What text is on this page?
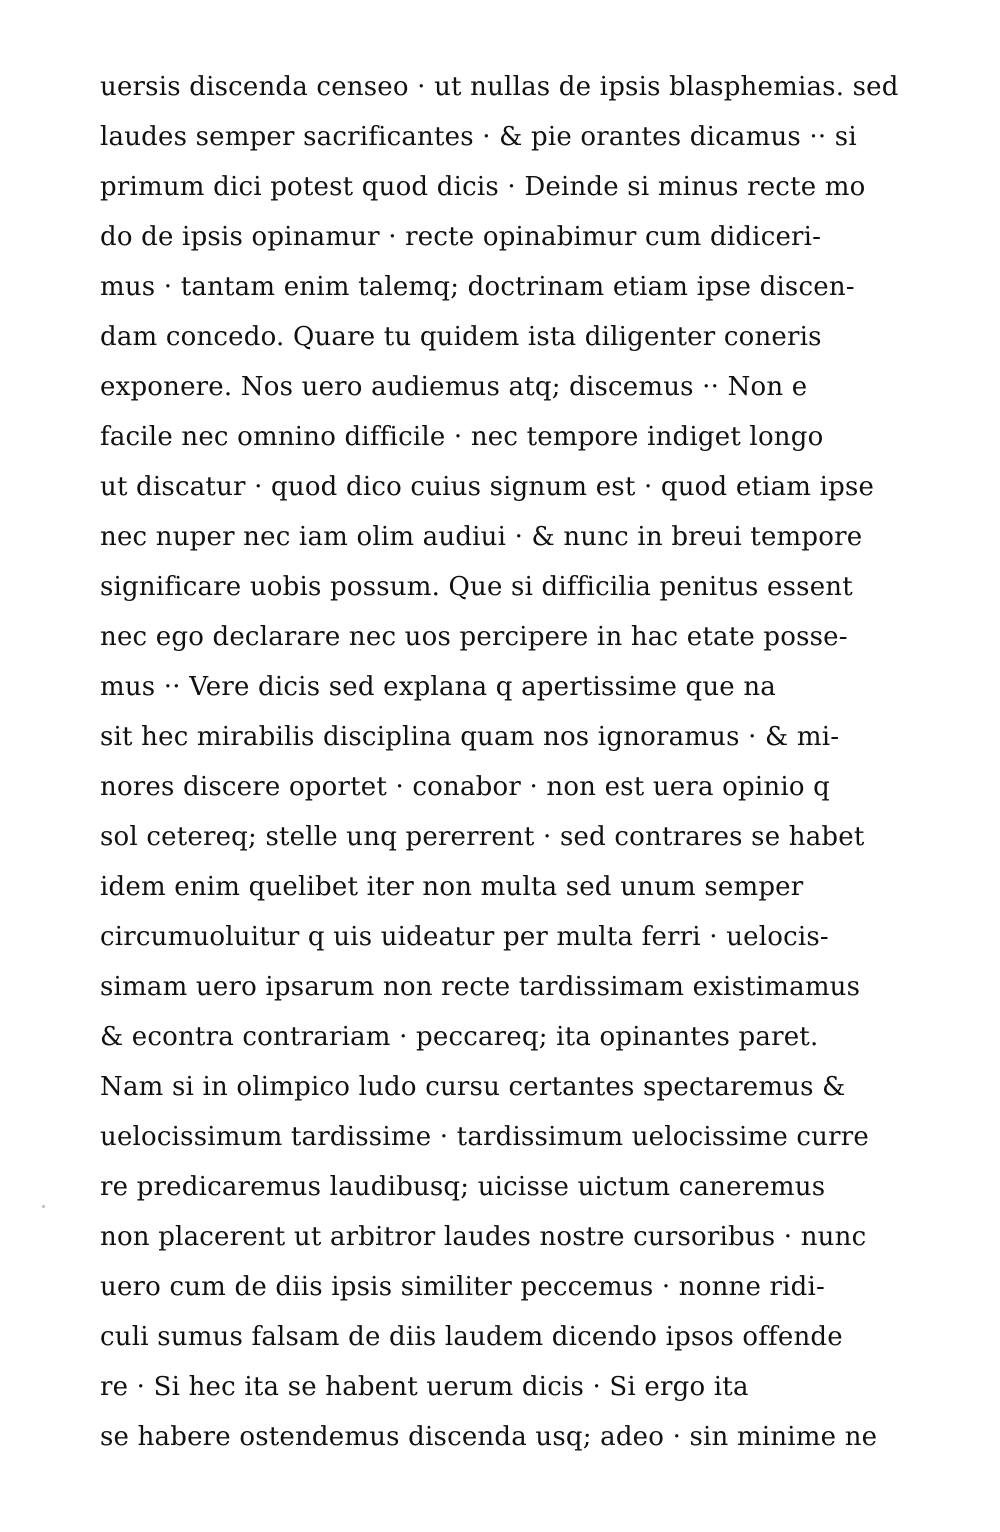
uersis discenda censeo · ut nullas de ipsis blasphemias. sed
laudes semper sacrificantes · & pie orantes dicamus ·· si
primum dici potest quod dicis · Deinde si minus recte mo
do de ipsis opinamur · recte opinabimur cum didiceri-
mus · tantam enim talemq; doctrinam etiam ipse discen-
dam concedo. Quare tu quidem ista diligenter coneris
exponere. Nos uero audiemus atq; discemus ·· Non e
facile nec omnino difficile · nec tempore indiget longo
ut discatur · quod dico cuius signum est · quod etiam ipse
nec nuper nec iam olim audiui · & nunc in breui tempore
significare uobis possum. Que si difficilia penitus essent
nec ego declarare nec uos percipere in hac etate posse-
mus ·· Vere dicis sed explana q apertissime que na
sit hec mirabilis disciplina quam nos ignoramus · & mi-
nores discere oportet · conabor · non est uera opinio q
sol cetereq; stelle unq pererrent · sed contrares se habet
idem enim quelibet iter non multa sed unum semper
circumuoluitur q uis uideatur per multa ferri · uelocis-
simam uero ipsarum non recte tardissimam existimamus
& econtra contrariam · peccareq; ita opinantes paret.
Nam si in olimpico ludo cursu certantes spectaremus &
uelocissimum tardissime · tardissimum uelocissime curre
re predicaremus laudibusq; uicisse uictum caneremus
non placerent ut arbitror laudes nostre cursoribus · nunc
uero cum de diis ipsis similiter peccemus · nonne ridi-
culi sumus falsam de diis laudem dicendo ipsos offende
re · Si hec ita se habent uerum dicis · Si ergo ita
se habere ostendemus discenda usq; adeo · sin minime ne
